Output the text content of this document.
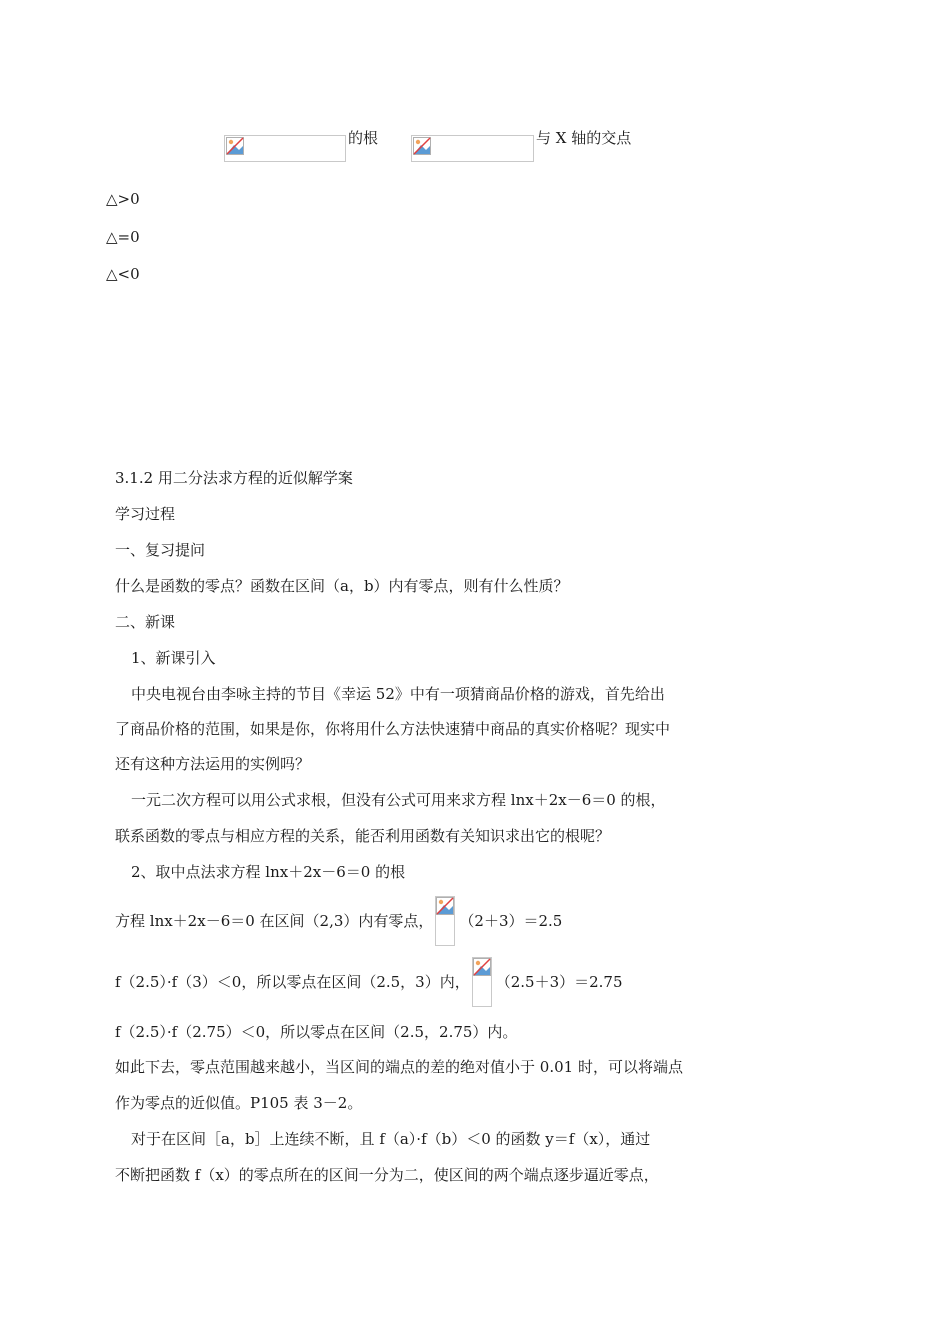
的根	与 X 轴的交点
△>0
△=0
△<0
3.1.2 用二分法求方程的近似解学案
学习过程
一、复习提问
什么是函数的零点？函数在区间（a，b）内有零点，则有什么性质？
二、新课
1、新课引入
中央电视台由李咏主持的节目《幸运 52》中有一项猜商品价格的游戏，首先给出
了商品价格的范围，如果是你，你将用什么方法快速猜中商品的真实价格呢？现实中
还有这种方法运用的实例吗？
一元二次方程可以用公式求根，但没有公式可用来求方程 lnx＋2x－6＝0 的根，
联系函数的零点与相应方程的关系，能否利用函数有关知识求出它的根呢？
2、取中点法求方程 lnx＋2x－6＝0 的根
方程 lnx＋2x－6＝0 在区间（2,3）内有零点， （2＋3）＝2.5
f（2.5）·f（3）＜0，所以零点在区间（2.5，3）内， （2.5＋3）＝2.75
f（2.5）·f（2.75）＜0，所以零点在区间（2.5，2.75）内。
如此下去，零点范围越来越小，当区间的端点的差的绝对值小于 0.01 时，可以将端点
作为零点的近似值。P105 表 3－2。
对于在区间［a，b］上连续不断，且 f（a）·f（b）＜0 的函数 y＝f（x），通过
不断把函数 f（x）的零点所在的区间一分为二，使区间的两个端点逐步逼近零点，
